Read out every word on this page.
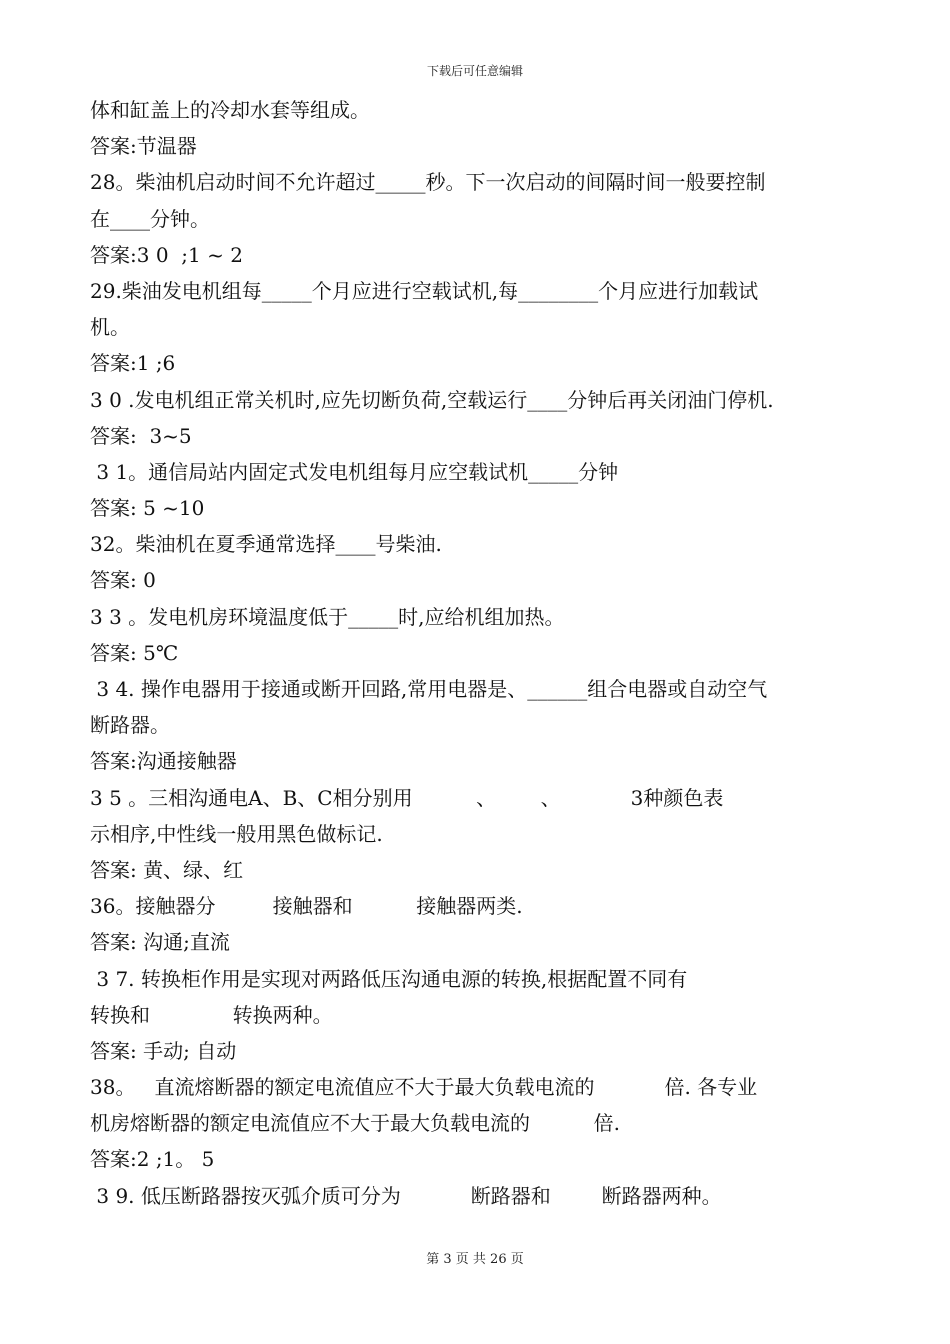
下载后可任意编辑
体和缸盖上的冷却水套等组成。
答案:节温器
28。柴油机启动时间不允许超过_____秒。下一次启动的间隔时间一般要控制
在____分钟。
答案:3 0  ;1 ~ 2
29.柴油发电机组每_____个月应进行空载试机,每________个月应进行加载试
机。
答案:1 ;6
3 0 .发电机组正常关机时,应先切断负荷,空载运行____分钟后再关闭油门停机.
答案:  3~5
3 1。通信局站内固定式发电机组每月应空载试机_____分钟
答案: 5 ~10
32。柴油机在夏季通常选择____号柴油.
答案: 0
3 3 。发电机房环境温度低于_____时,应给机组加热。
答案: 5℃
3 4. 操作电器用于接通或断开回路,常用电器是、______组合电器或自动空气
断路器。
答案:沟通接触器
3 5 。三相沟通电A、B、C相分别用          、       、           3种颜色表
示相序,中性线一般用黑色做标记.
答案: 黄、绿、红
36。接触器分         接触器和          接触器两类.
答案: 沟通;直流
3 7. 转换柜作用是实现对两路低压沟通电源的转换,根据配置不同有
转换和             转换两种。
答案: 手动; 自动
38。   直流熔断器的额定电流值应不大于最大负载电流的           倍. 各专业
机房熔断器的额定电流值应不大于最大负载电流的          倍.
答案:2 ;1。 5
3 9. 低压断路器按灭弧介质可分为           断路器和        断路器两种。
第 3 页 共 26 页
